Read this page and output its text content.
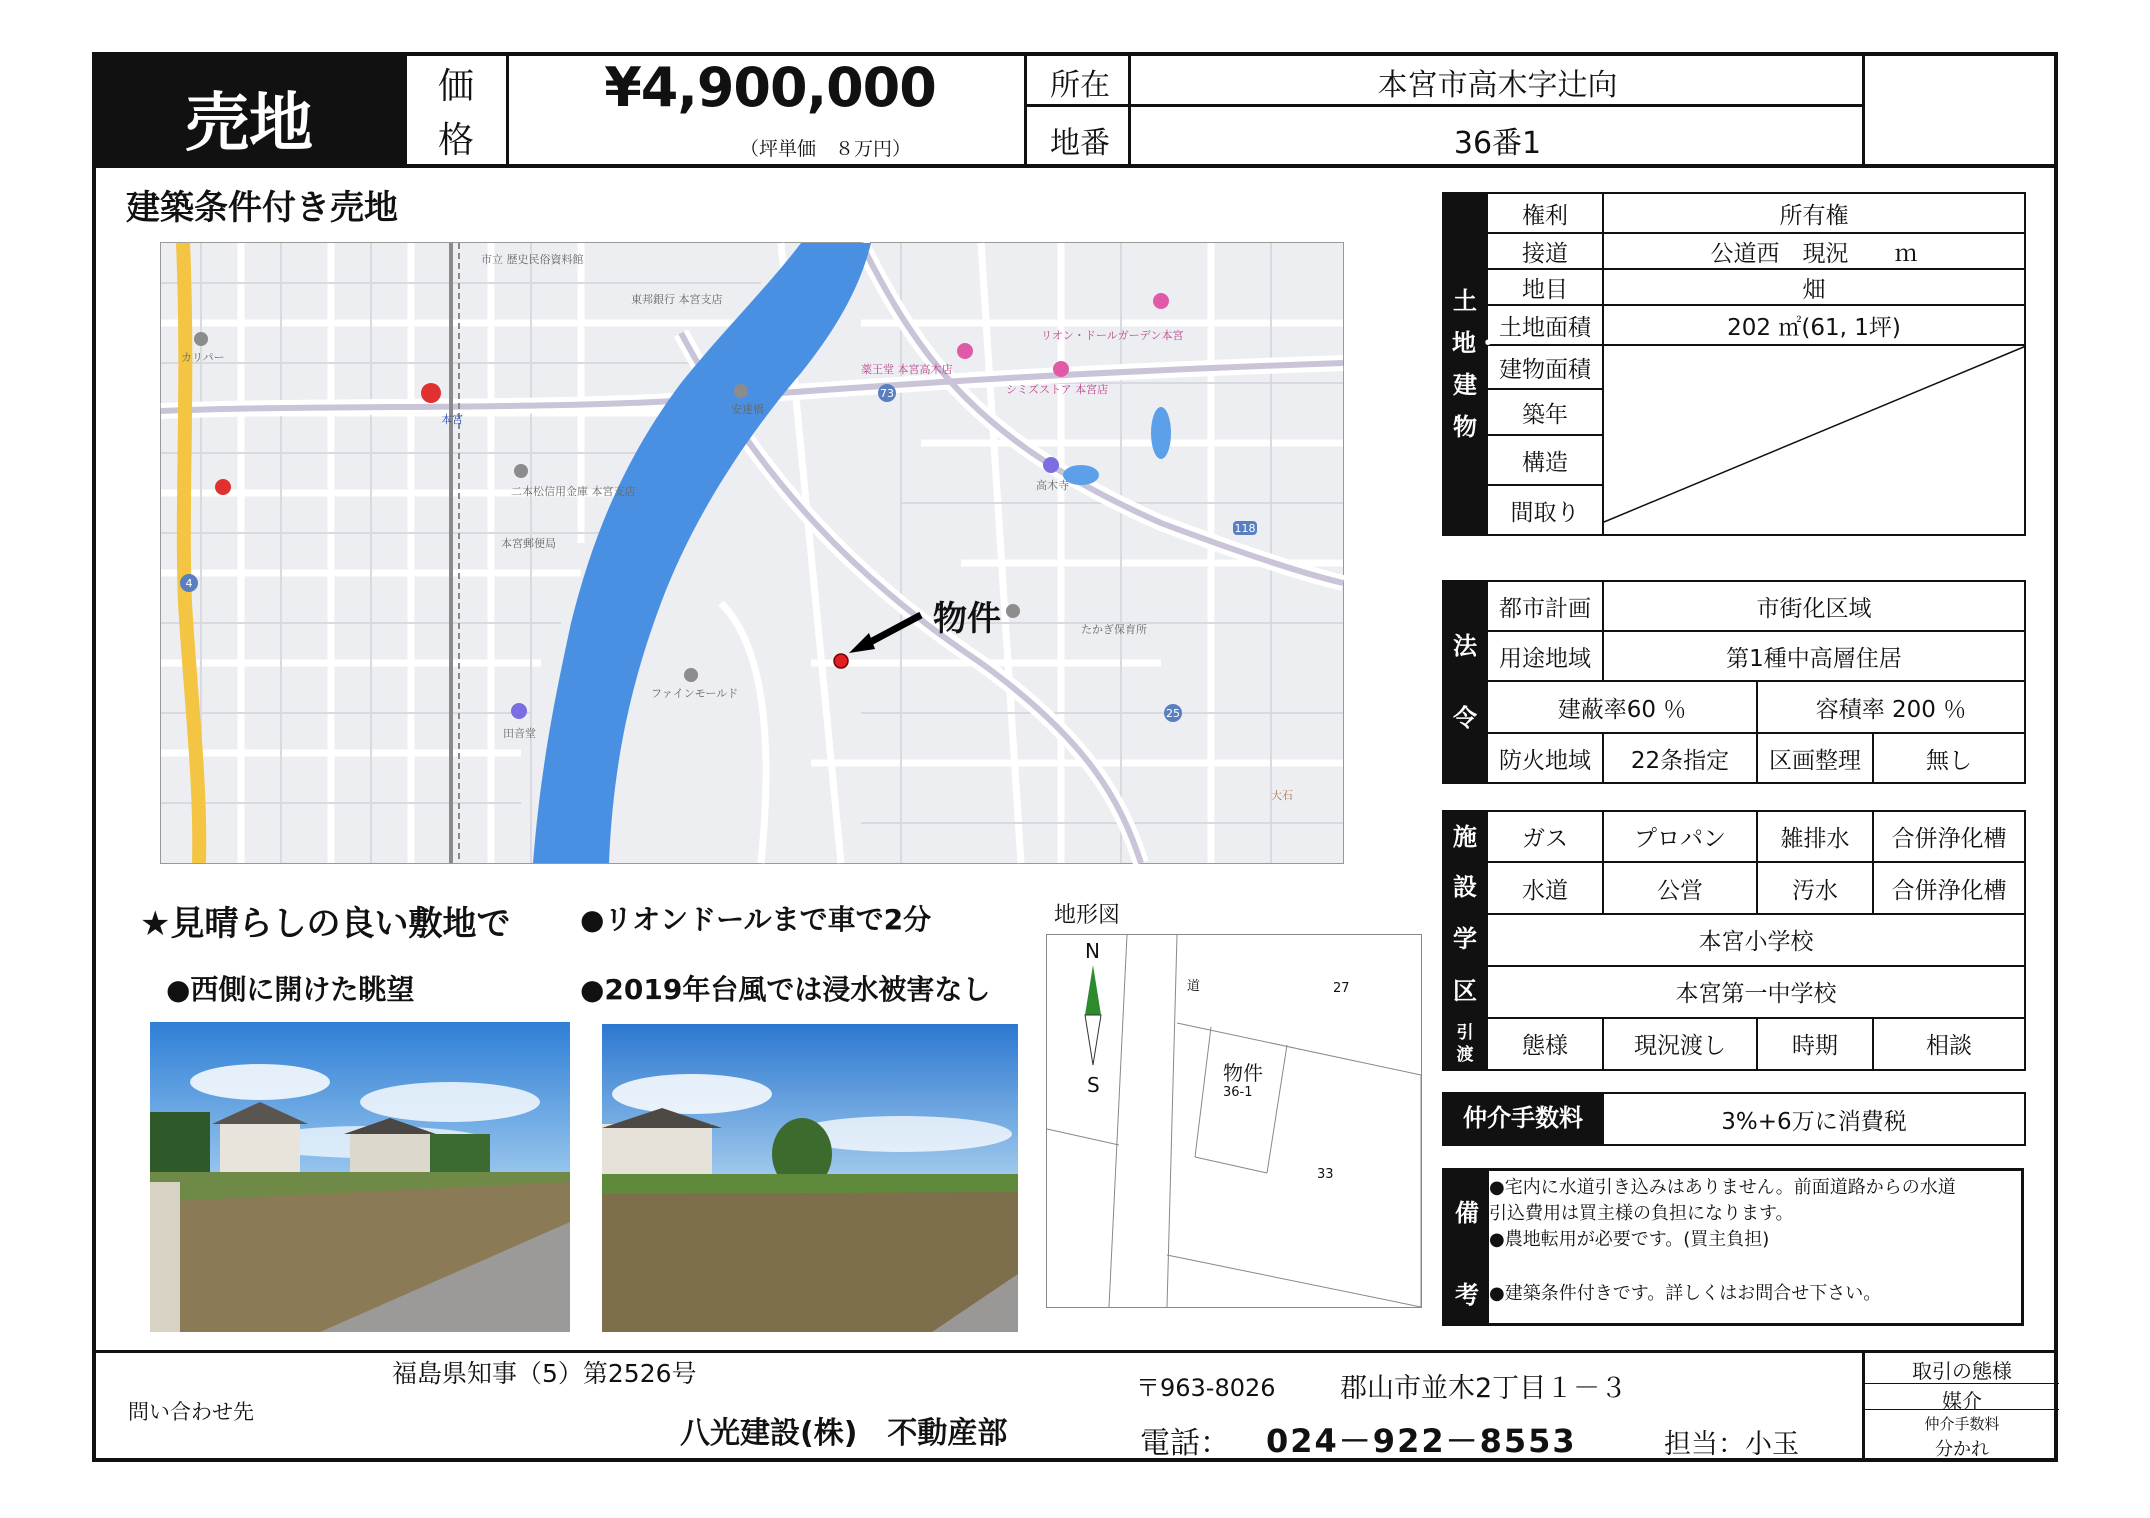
売地
価
格
¥4,900,000
（坪単価　８万円）
所在
地番
本宮市高木字辻向
36番1
建築条件付き売地
73
118
4
25
市立 歴史民俗資料館
東邦銀行 本宮支店
リオン・ドールガーデン本宮
薬王堂 本宮高木店
シミズストア 本宮店
カリパー
本宮
安達橋
二本松信用金庫 本宮支店
本宮郵便局
高木寺
たかぎ保育所
ファインモールド
田音堂
大石
物件
★見晴らしの良い敷地で
●西側に開けた眺望
●リオンドールまで車で2分
●2019年台風では浸水被害なし
地形図
N
S
道	27
物件
36-1
33
土地・建物	権利	所有権
	接道	公道西　現況　　ｍ
	地目	畑
	土地面積	202 ㎡(61, 1坪)
	建物面積	

	築年	
	構造	
	間取り	
法令	都市計画	市街化区域		
	用途地域	第1種中高層住居		
	建蔽率60 ％		容積率 200 ％	
	防火地域	22条指定	区画整理	無し
施設	ガス	プロパン	雑排水	合併浄化槽
	水道	公営	汚水	合併浄化槽
学	本宮小学校			
区	本宮第一中学校			
引渡	態様	現況渡し	時期	相談
仲介手数料	3%+6万に消費税
備
考
●宅内に水道引き込みはありません。前面道路からの水道
引込費用は買主様の負担になります。
●農地転用が必要です。(買主負担)
●建築条件付きです。詳しくはお問合せ下さい。
福島県知事（5）第2526号
問い合わせ先
八光建設(株)　不動産部
〒963-8026 郡山市並木2丁目１－３
電話： 024－922－8553	担当：小玉
取引の態様
媒介
仲介手数料
分かれ
